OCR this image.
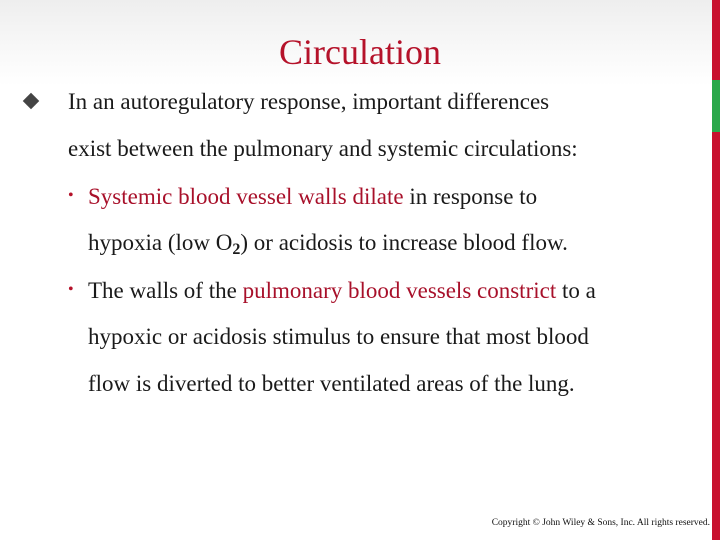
Circulation
In an autoregulatory response, important differences
exist between the pulmonary and systemic circulations:
• Systemic blood vessel walls dilate in response to
hypoxia (low $O_2$) or acidosis to increase blood flow.
• The walls of the pulmonary blood vessels constrict to a
hypoxic or acidosis stimulus to ensure that most blood
flow is diverted to better ventilated areas of the lung.
Copyright © John Wiley & Sons, Inc. All rights reserved.
